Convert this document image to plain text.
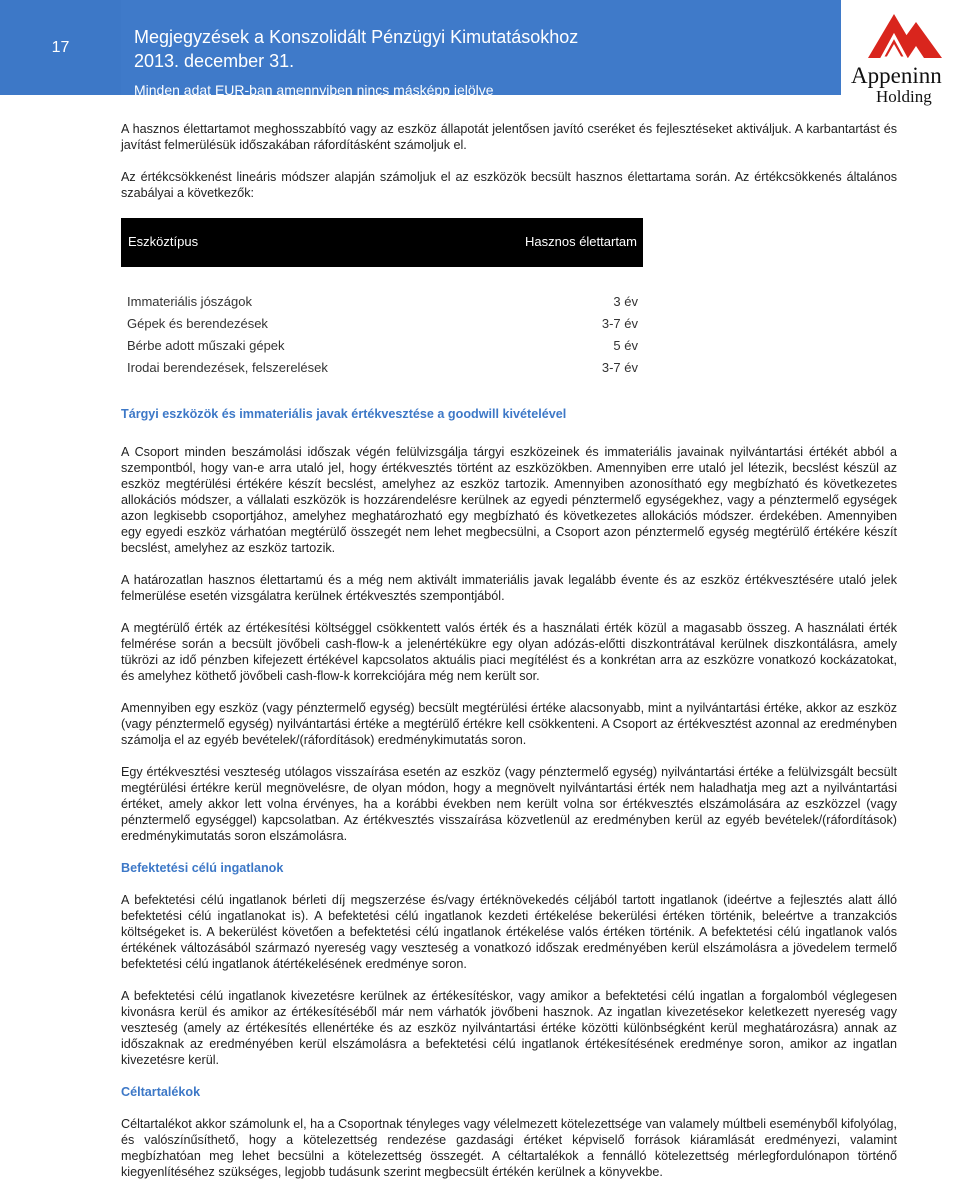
17	Megjegyzések a Konszolidált Pénzügyi Kimutatásokhoz
2013. december 31.
Minden adat EUR-ban amennyiben nincs másképp jelölve
Appeninn
Holding

A hasznos élettartamot meghosszabbító vagy az eszköz állapotát jelentősen javító cseréket és fejlesztéseket aktiváljuk. A karbantartást és javítást felmerülésük időszakában ráfordításként számoljuk el.

Az értékcsökkenést lineáris módszer alapján számoljuk el az eszközök becsült hasznos élettartama során. Az értékcsökkenés általános szabályai a következők:

Eszköztípus	Hasznos élettartam
Immateriális jószágok	3 év
Gépek és berendezések	3-7 év
Bérbe adott műszaki gépek	5 év
Irodai berendezések, felszerelések	3-7 év
Tárgyi eszközök és immateriális javak értékvesztése a goodwill kivételével

A Csoport minden beszámolási időszak végén felülvizsgálja tárgyi eszközeinek és immateriális javainak nyilvántartási értékét abból a szempontból, hogy van-e arra utaló jel, hogy értékvesztés történt az eszközökben. Amennyiben erre utaló jel létezik, becslést készül az eszköz megtérülési értékére készít becslést, amelyhez az eszköz tartozik. Amennyiben azonosítható egy megbízható és következetes allokációs módszer, a vállalati eszközök is hozzárendelésre kerülnek az egyedi pénztermelő egységekhez, vagy a pénztermelő egységek azon legkisebb csoportjához, amelyhez meghatározható egy megbízható és következetes allokációs módszer. érdekében. Amennyiben egy egyedi eszköz várhatóan megtérülő összegét nem lehet megbecsülni, a Csoport azon pénztermelő egység megtérülő értékére készít becslést, amelyhez az eszköz tartozik.

A határozatlan hasznos élettartamú és a még nem aktivált immateriális javak legalább évente és az eszköz értékvesztésére utaló jelek felmerülése esetén vizsgálatra kerülnek értékvesztés szempontjából.

A megtérülő érték az értékesítési költséggel csökkentett valós érték és a használati érték közül a magasabb összeg. A használati érték felmérése során a becsült jövőbeli cash-flow-k a jelenértékükre egy olyan adózás-előtti diszkontrátával kerülnek diszkontálásra, amely tükrözi az idő pénzben kifejezett értékével kapcsolatos aktuális piaci megítélést és a konkrétan arra az eszközre vonatkozó kockázatokat, és amelyhez köthető jövőbeli cash-flow-k korrekciójára még nem került sor.

Amennyiben egy eszköz (vagy pénztermelő egység) becsült megtérülési értéke alacsonyabb, mint a nyilvántartási értéke, akkor az eszköz (vagy pénztermelő egység) nyilvántartási értéke a megtérülő értékre kell csökkenteni. A Csoport az értékvesztést azonnal az eredményben számolja el az egyéb bevételek/(ráfordítások) eredménykimutatás soron.

Egy értékvesztési veszteség utólagos visszaírása esetén az eszköz (vagy pénztermelő egység) nyilvántartási értéke a felülvizsgált becsült megtérülési értékre kerül megnövelésre, de olyan módon, hogy a megnövelt nyilvántartási érték nem haladhatja meg azt a nyilvántartási értéket, amely akkor lett volna érvényes, ha a korábbi években nem került volna sor értékvesztés elszámolására az eszközzel (vagy pénztermelő egységgel) kapcsolatban. Az értékvesztés visszaírása közvetlenül az eredményben kerül az egyéb bevételek/(ráfordítások) eredménykimutatás soron elszámolásra.

Befektetési célú ingatlanok

A befektetési célú ingatlanok bérleti díj megszerzése és/vagy értéknövekedés céljából tartott ingatlanok (ideértve a fejlesztés alatt álló befektetési célú ingatlanokat is). A befektetési célú ingatlanok kezdeti értékelése bekerülési értéken történik, beleértve a tranzakciós költségeket is. A bekerülést követően a befektetési célú ingatlanok értékelése valós értéken történik. A befektetési célú ingatlanok valós értékének változásából származó nyereség vagy veszteség a vonatkozó időszak eredményében kerül elszámolásra a jövedelem termelő befektetési célú ingatlanok átértékelésének eredménye soron.

A befektetési célú ingatlanok kivezetésre kerülnek az értékesítéskor, vagy amikor a befektetési célú ingatlan a forgalomból véglegesen kivonásra kerül és amikor az értékesítéséből már nem várhatók jövőbeni hasznok. Az ingatlan kivezetésekor keletkezett nyereség vagy veszteség (amely az értékesítés ellenértéke és az eszköz nyilvántartási értéke közötti különbségként kerül meghatározásra) annak az időszaknak az eredményében kerül elszámolásra a befektetési célú ingatlanok értékesítésének eredménye soron, amikor az ingatlan kivezetésre kerül.

Céltartalékok

Céltartalékot akkor számolunk el, ha a Csoportnak tényleges vagy vélelmezett kötelezettsége van valamely múltbeli eseményből kifolyólag, és valószínűsíthető, hogy a kötelezettség rendezése gazdasági értéket képviselő források kiáramlását eredményezi, valamint megbízhatóan meg lehet becsülni a kötelezettség összegét. A céltartalékok a fennálló kötelezettség mérlegfordulónapon történő kiegyenlítéséhez szükséges, legjobb tudásunk szerint megbecsült értékén kerülnek a könyvekbe.
